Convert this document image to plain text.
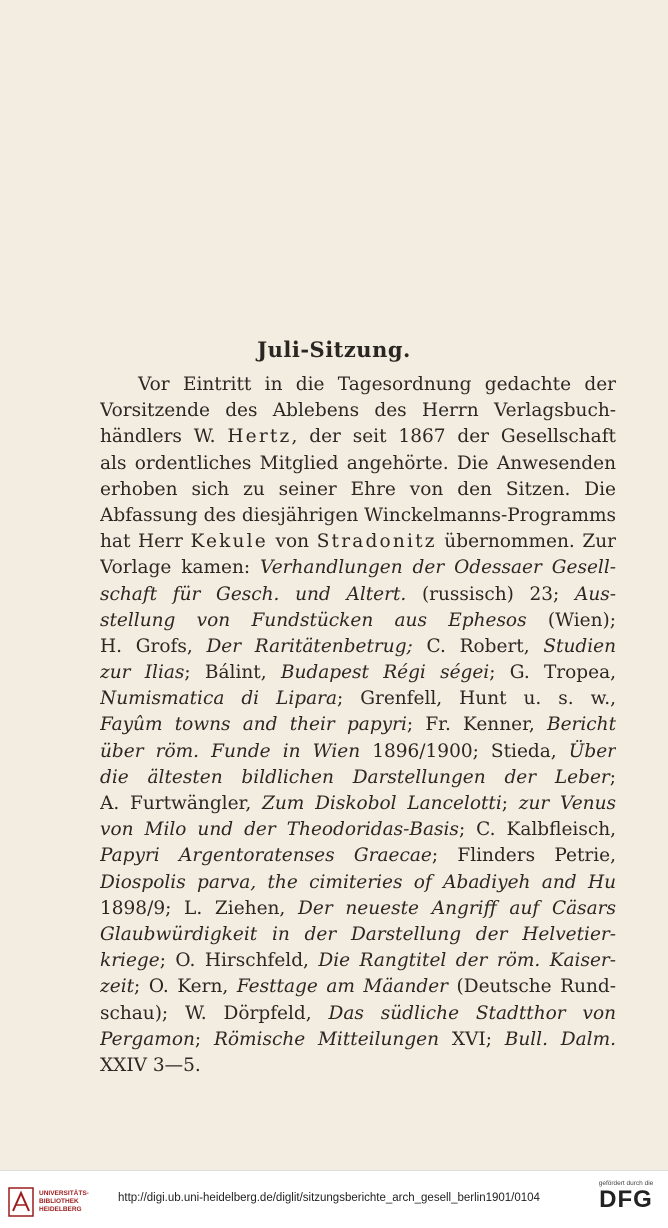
Juli-Sitzung.
Vor Eintritt in die Tagesordnung gedachte der
Vorsitzende des Ablebens des Herrn Verlagsbuch-
händlers W. Hertz, der seit 1867 der Gesellschaft
als ordentliches Mitglied angehörte. Die Anwesenden
erhoben sich zu seiner Ehre von den Sitzen. Die
Abfassung des diesjährigen Winckelmanns-Programms
hat Herr Kekule von Stradonitz übernommen. Zur
Vorlage kamen: Verhandlungen der Odessaer Gesell-
schaft für Gesch. und Altert. (russisch) 23; Aus-
stellung von Fundstücken aus Ephesos (Wien);
H. Grofs, Der Raritätenbetrug; C. Robert, Studien
zur Ilias; Bálint, Budapest Régi ségei; G. Tropea,
Numismatica di Lipara; Grenfell, Hunt u. s. w.,
Fayûm towns and their papyri; Fr. Kenner, Bericht
über röm. Funde in Wien 1896/1900; Stieda, Über
die ältesten bildlichen Darstellungen der Leber;
A. Furtwängler, Zum Diskobol Lancelotti; zur Venus
von Milo und der Theodoridas-Basis; C. Kalbfleisch,
Papyri Argentoratenses Graecae; Flinders Petrie,
Diospolis parva, the cimiteries of Abadiyeh and Hu
1898/9; L. Ziehen, Der neueste Angriff auf Cäsars
Glaubwürdigkeit in der Darstellung der Helvetier-
kriege; O. Hirschfeld, Die Rangtitel der röm. Kaiser-
zeit; O. Kern, Festtage am Mäander (Deutsche Rund-
schau); W. Dörpfeld, Das südliche Stadtthor von
Pergamon; Römische Mitteilungen XVI; Bull. Dalm.
XXIV 3—5.
UNIVERSITÄTS-
BIBLIOTHEK
HEIDELBERG
http://digi.ub.uni-heidelberg.de/diglit/sitzungsberichte_arch_gesell_berlin1901/0104
gefördert durch die
DFG
